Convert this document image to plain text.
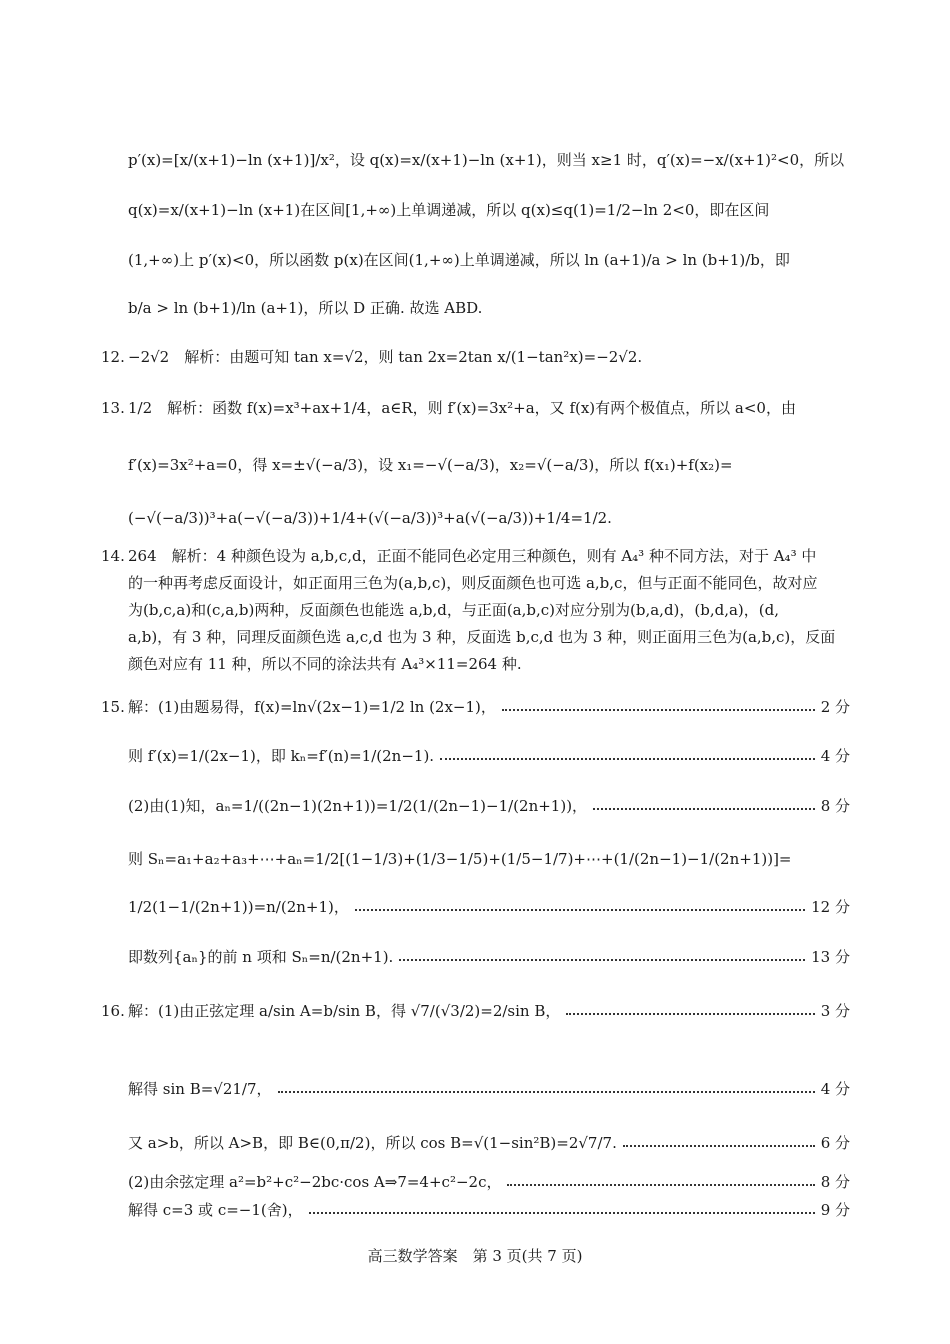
p′(x)=[x/(x+1)−ln (x+1)]/x²，设 q(x)=x/(x+1)−ln (x+1)，则当 x≥1 时，q′(x)=−x/(x+1)²<0，所以
q(x)=x/(x+1)−ln (x+1)在区间[1,+∞)上单调递减，所以 q(x)≤q(1)=1/2−ln 2<0，即在区间
(1,+∞)上 p′(x)<0，所以函数 p(x)在区间(1,+∞)上单调递减，所以 ln (a+1)/a > ln (b+1)/b，即
b/a > ln (b+1)/ln (a+1)，所以 D 正确. 故选 ABD.
12. −2√2　解析：由题可知 tan x=√2，则 tan 2x=2tan x/(1−tan²x)=−2√2.
13. 1/2　解析：函数 f(x)=x³+ax+1/4，a∈R，则 f′(x)=3x²+a，又 f(x)有两个极值点，所以 a<0，由
f′(x)=3x²+a=0，得 x=±√(−a/3)，设 x₁=−√(−a/3)，x₂=√(−a/3)，所以 f(x₁)+f(x₂)=
(−√(−a/3))³+a(−√(−a/3))+1/4+(√(−a/3))³+a(√(−a/3))+1/4=1/2.
14. 264　解析：4 种颜色设为 a,b,c,d，正面不能同色必定用三种颜色，则有 A₄³ 种不同方法，对于 A₄³ 中
的一种再考虑反面设计，如正面用三色为(a,b,c)，则反面颜色也可选 a,b,c，但与正面不能同色，故对应
为(b,c,a)和(c,a,b)两种，反面颜色也能选 a,b,d，与正面(a,b,c)对应分别为(b,a,d)，(b,d,a)，(d,
a,b)，有 3 种，同理反面颜色选 a,c,d 也为 3 种，反面选 b,c,d 也为 3 种，则正面用三色为(a,b,c)，反面
颜色对应有 11 种，所以不同的涂法共有 A₄³×11=264 种.
15. 解：(1)由题易得，f(x)=ln√(2x−1)=1/2 ln (2x−1)，	2 分
则 f′(x)=1/(2x−1)，即 kₙ=f′(n)=1/(2n−1).	4 分
(2)由(1)知，aₙ=1/((2n−1)(2n+1))=1/2(1/(2n−1)−1/(2n+1))，	8 分
则 Sₙ=a₁+a₂+a₃+⋯+aₙ=1/2[(1−1/3)+(1/3−1/5)+(1/5−1/7)+⋯+(1/(2n−1)−1/(2n+1))]=
1/2(1−1/(2n+1))=n/(2n+1)，	12 分
即数列{aₙ}的前 n 项和 Sₙ=n/(2n+1).	13 分
16. 解：(1)由正弦定理 a/sin A=b/sin B，得 √7/(√3/2)=2/sin B，	3 分
解得 sin B=√21/7，	4 分
又 a>b，所以 A>B，即 B∈(0,π/2)，所以 cos B=√(1−sin²B)=2√7/7.	6 分
(2)由余弦定理 a²=b²+c²−2bc·cos A⇒7=4+c²−2c，	8 分
解得 c=3 或 c=−1(舍)，	9 分
高三数学答案　第 3 页(共 7 页)
